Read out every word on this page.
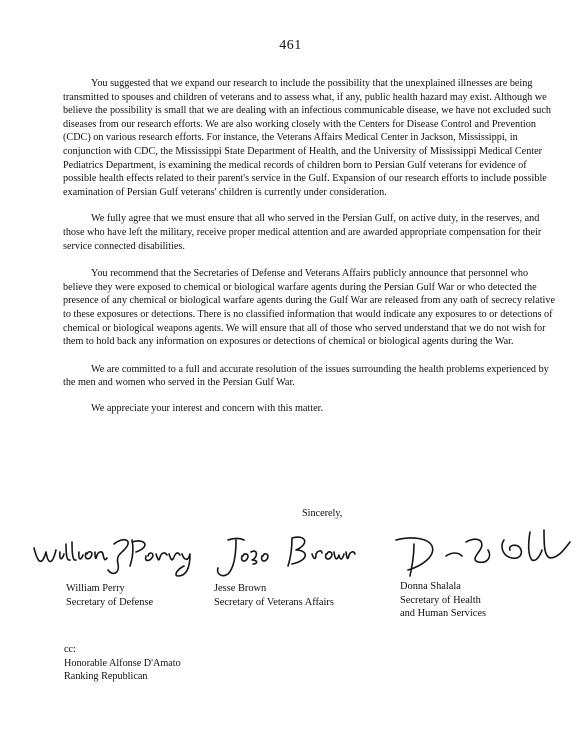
461

You suggested that we expand our research to include the possibility that the unexplained illnesses are being transmitted to spouses and children of veterans and to assess what, if any, public health hazard may exist. Although we believe the possibility is small that we are dealing with an infectious communicable disease, we have not excluded such diseases from our research efforts. We are also working closely with the Centers for Disease Control and Prevention (CDC) on various research efforts. For instance, the Veterans Affairs Medical Center in Jackson, Mississippi, in conjunction with CDC, the Mississippi State Department of Health, and the University of Mississippi Medical Center Pediatrics Department, is examining the medical records of children born to Persian Gulf veterans for evidence of possible health effects related to their parent's service in the Gulf. Expansion of our research efforts to include possible examination of Persian Gulf veterans' children is currently under consideration.

We fully agree that we must ensure that all who served in the Persian Gulf, on active duty, in the reserves, and those who have left the military, receive proper medical attention and are awarded appropriate compensation for their service connected disabilities.

You recommend that the Secretaries of Defense and Veterans Affairs publicly announce that personnel who believe they were exposed to chemical or biological warfare agents during the Persian Gulf War or who detected the presence of any chemical or biological warfare agents during the Gulf War are released from any oath of secrecy relative to these exposures or detections. There is no classified information that would indicate any exposures to or detections of chemical or biological weapons agents. We will ensure that all of those who served understand that we do not wish for them to hold back any information on exposures or detections of chemical or biological agents during the War.

We are committed to a full and accurate resolution of the issues surrounding the health problems experienced by the men and women who served in the Persian Gulf War.

We appreciate your interest and concern with this matter.

Sincerely,
William Perry
Secretary of Defense
Jesse Brown
Secretary of Veterans Affairs
Donna Shalala
Secretary of Health
and Human Services
cc:
Honorable Alfonse D'Amato
Ranking Republican
